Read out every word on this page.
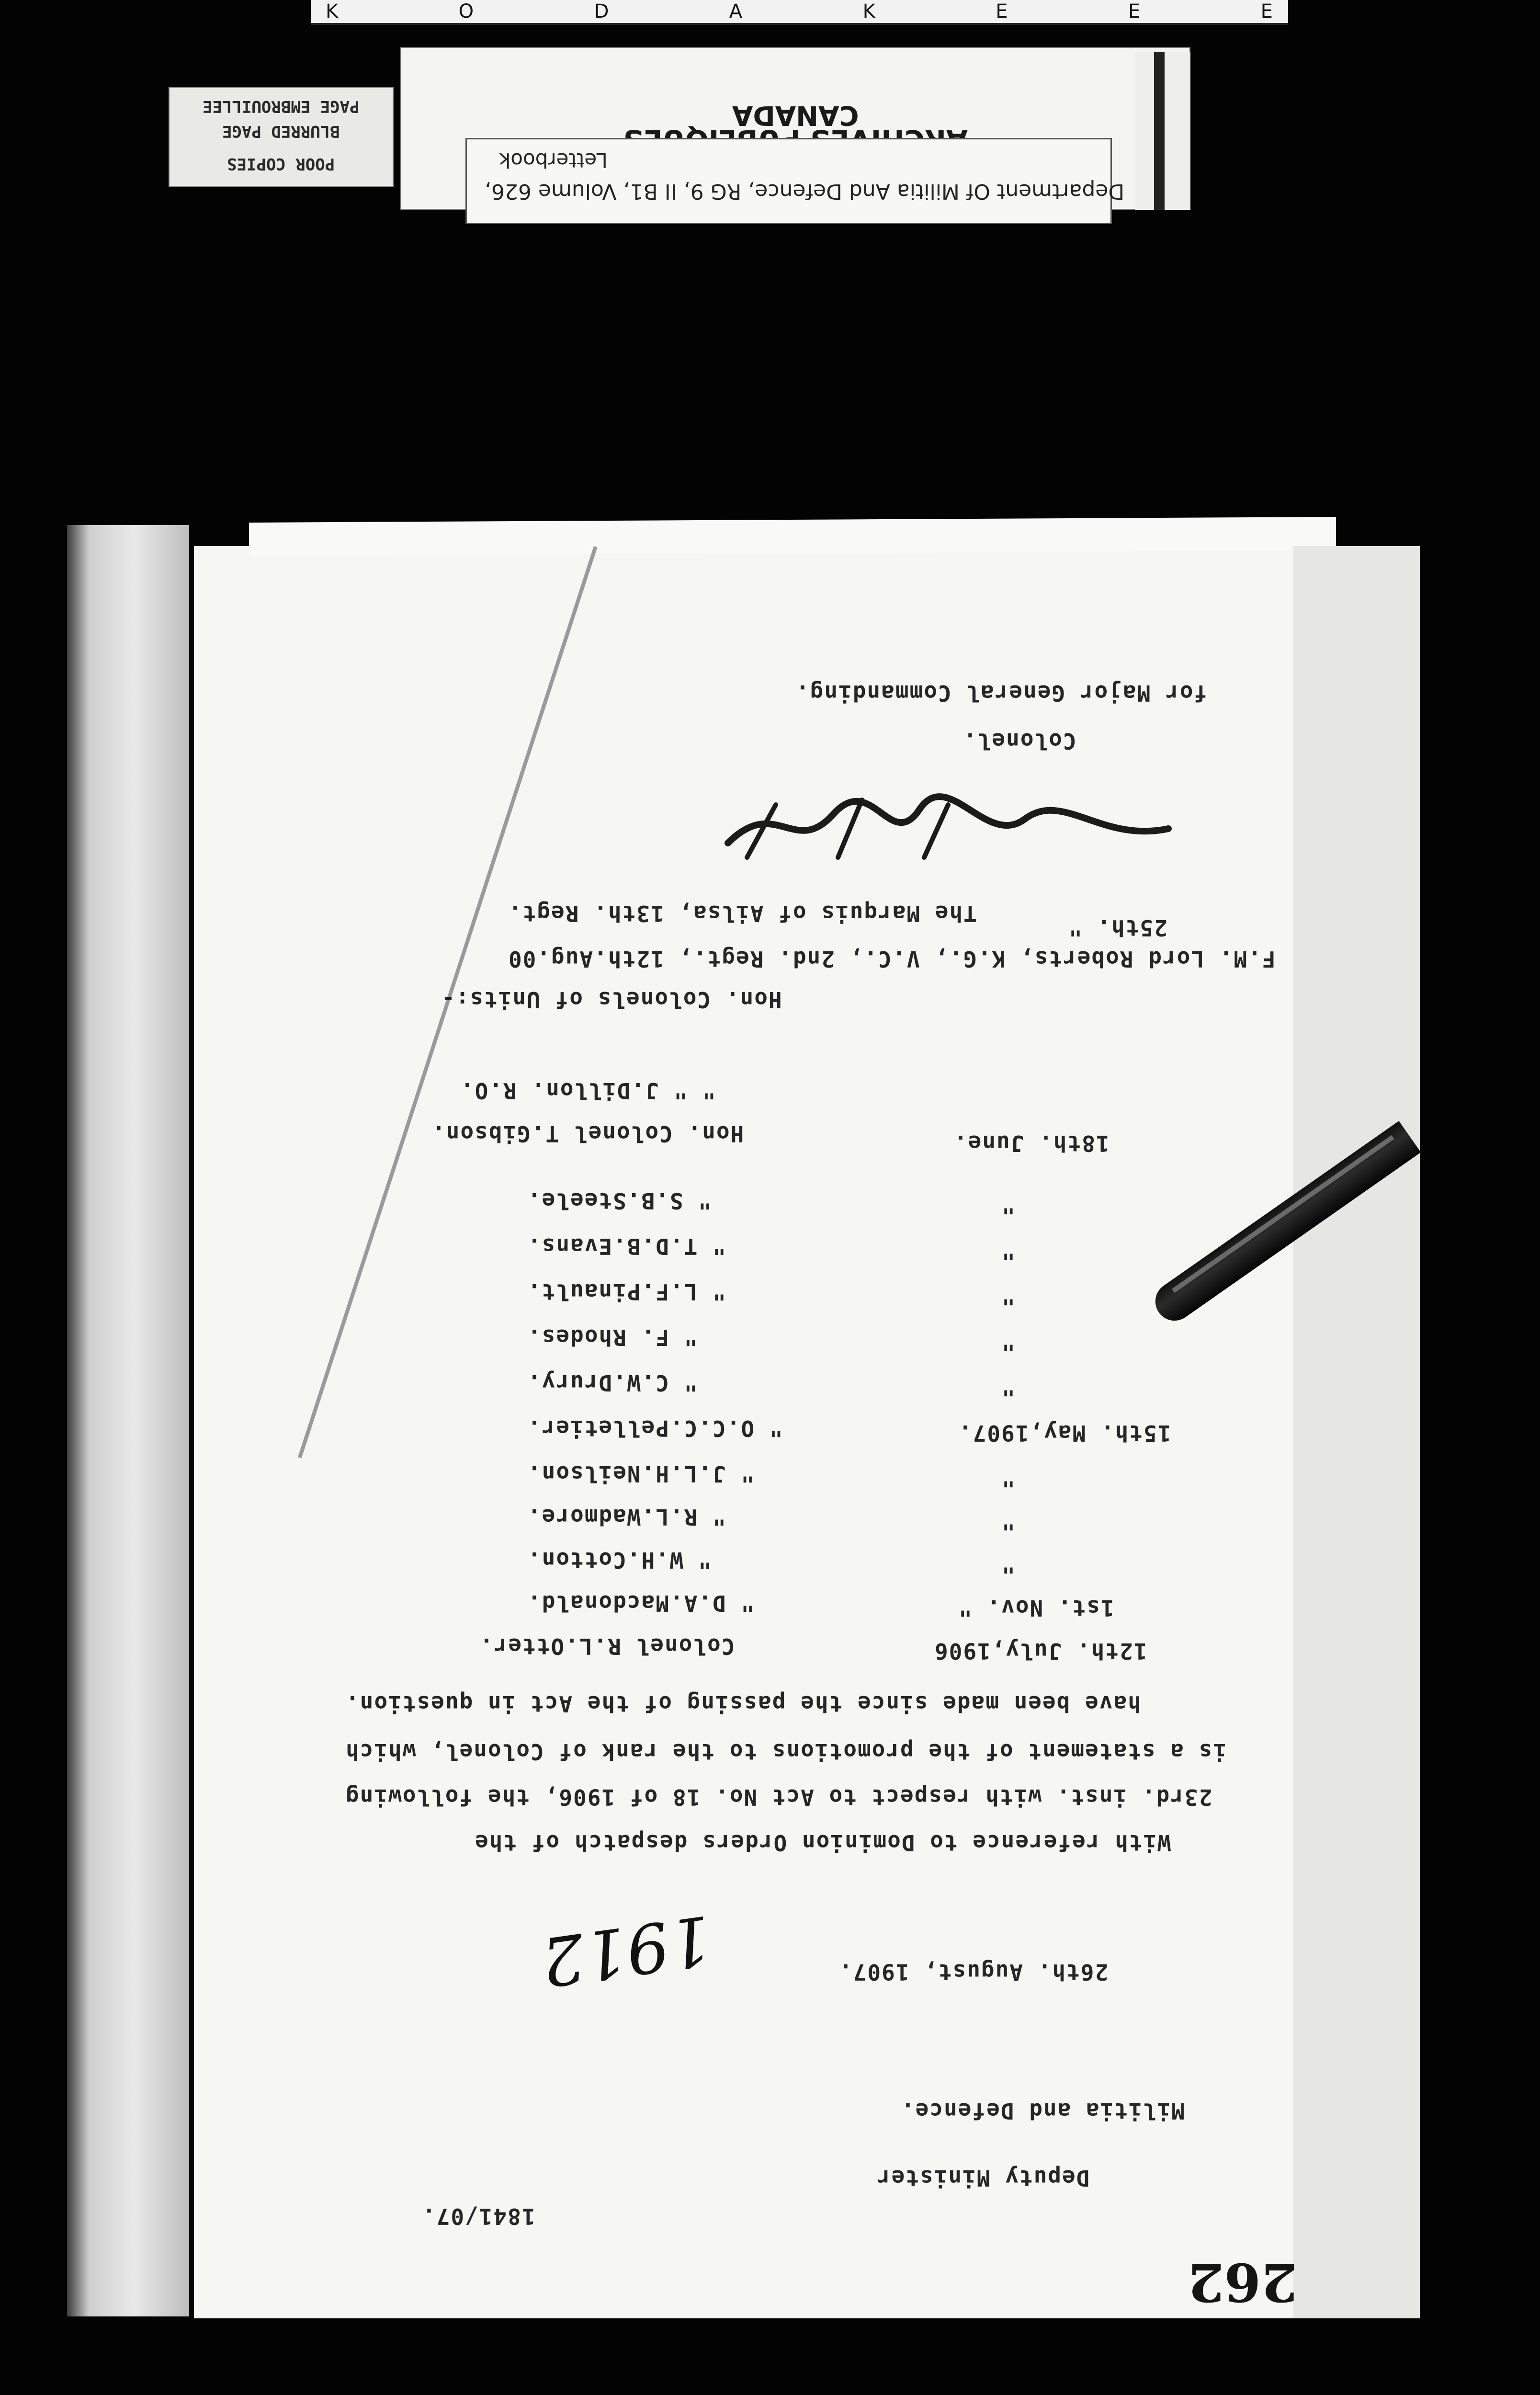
K	O	D	A	K	E	E	E
CANADA
Department Of Militia And Defence, RG 9, II B1, Volume 626,
Letterbook
PAGE EMBROUILLEE
BLURRED PAGE
POOR COPIES
for Major General Commanding.
Colonel.
The Marquis of Ailsa, 13th. Regt.
25th. "
F.M. Lord Roberts, K.G., V.C., 2nd. Regt., 12th.Aug.00
Hon. Colonels of Units:-
" " J.Dillon. R.O.
Hon. Colonel T.Gibson.	18th. June.
" S.B.Steele.	"
" T.D.B.Evans.	"
" L.F.Pinault.	"
" F. Rhodes.	"
" C.W.Drury.	"
" O.C.C.Pelletier.	15th. May,1907.
" J.L.H.Neilson.	"
" R.L.Wadmore.	"
" W.H.Cotton.	"
" D.A.Macdonald.	1st. Nov. "
Colonel R.L.Otter.	12th. July,1906
have been made since the passing of the Act in question.
is a statement of the promotions to the rank of Colonel, which
23rd. inst. with respect to Act No. 18 of 1906, the following
With reference to Dominion Orders despatch of the
1912	26th. August, 1907.
Militia and Defence.
Deputy Minister
1841/07.
262
